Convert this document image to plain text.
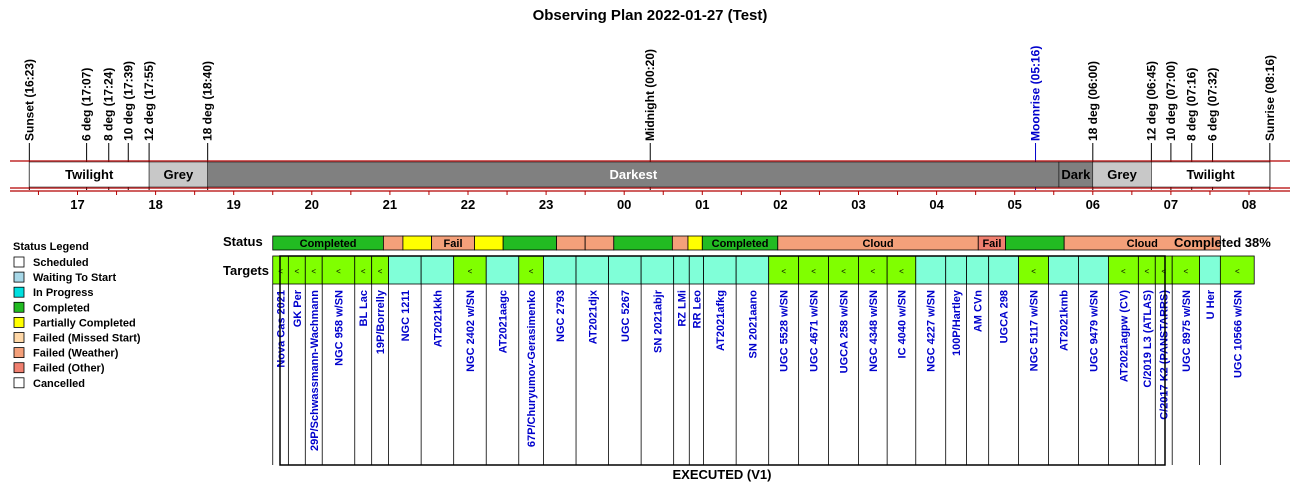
Observing Plan 2022-01-27 (Test)
Sunset (16:23)	6 deg (17:07) 8 deg (17:24) 10 deg (17:39) 12 deg (17:55)	18 deg (18:40)	Midnight (00:20)	Moonrise (05:16)	18 deg (06:00)	12 deg (06:45) 10 deg (07:00) 8 deg (07:16) 6 deg (07:32)	Sunrise (08:16)
Twilight	Grey	Darkest	Dark Grey	Twilight
17	18	19	20	21	22	23	00	01	02	03	04	05	06	07	08
Status Legend
Scheduled
Waiting To Start
In Progress
Completed
Partially Completed
Failed (Missed Start)
Failed (Weather)
Failed (Other)
Cancelled
Status
Targets
Completed	Fail	Completed	Cloud	Fail	Cloud Completed 38%
<
Nova Cas 2021
<
GK Per
<
29P/Schwassmann-Wachmann
<
NGC 958 w/SN
<
BL Lac
<
19P/Borrelly NGC 1211 AT2021kkh
<
NGC 2402 w/SN AT2021aagc
<
67P/Churyumov-Gerasimenko NGC 2793 AT2021djx UGC 5267 SN 2021abjr RZ LMi RR Leo AT2021afkg SN 2021aano
<
UGC 5528 w/SN
<
UGC 4671 w/SN
<
UGCA 258 w/SN
<
NGC 4348 w/SN
<
IC 4040 w/SN NGC 4227 w/SN 100P/Hartley AM CVn UGCA 298
<
NGC 5117 w/SN AT2021kmb UGC 9479 w/SN
<
AT2021agpw (CV)
<
C/2019 L3 (ATLAS)
<
C/2017 K2 (PANSTARRS)
<
UGC 8975 w/SN U Her
<
UGC 10566 w/SN
EXECUTED (V1)
